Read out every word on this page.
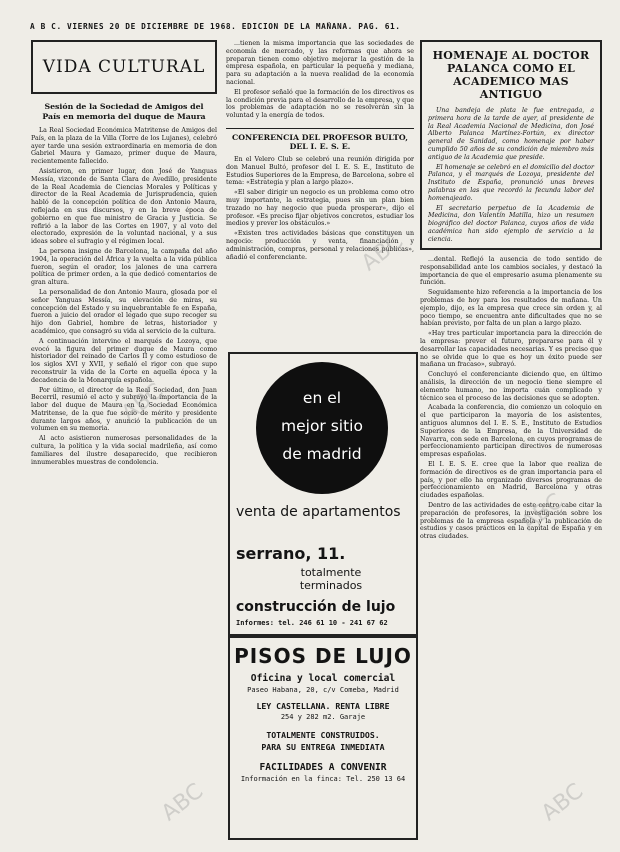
A B C. VIERNES 20 DE DICIEMBRE DE 1968. EDICION DE LA MAÑANA. PAG. 61.
VIDA CULTURAL
Sesión de la Sociedad de Amigos del País en memoria del duque de Maura

La Real Sociedad Económica Matritense de Amigos del País, en la plaza de la Villa (Torre de los Lujanes), celebró ayer tarde una sesión extraordinaria en memoria de don Gabriel Maura y Gamazo, primer duque de Maura, recientemente fallecido.

Asistieron, en primer lugar, don José de Yanguas Messía, vizconde de Santa Clara de Avedillo, presidente de la Real Academia de Ciencias Morales y Políticas y director de la Real Academia de Jurisprudencia, quien habló de la concepción política de don Antonio Maura, reflejada en sus discursos, y en la breve época de gobierno en que fue ministro de Gracia y Justicia. Se refirió a la labor de las Cortes en 1907, y al voto del electorado, expresión de la voluntad nacional, y a sus ideas sobre el sufragio y el régimen local.

La persona insigne de Barcelona, la campaña del año 1904, la operación del África y la vuelta a la vida pública fueron, según el orador, los jalones de una carrera política de primer orden, a la que dedicó comentarios de gran altura.

La personalidad de don Antonio Maura, glosada por el señor Yanguas Messía, su elevación de miras, su concepción del Estado y su inquebrantable fe en España, fueron a juicio del orador el legado que supo recoger su hijo don Gabriel, hombre de letras, historiador y académico, que consagró su vida al servicio de la cultura.

A continuación intervino el marqués de Lozoya, que evocó la figura del primer duque de Maura como historiador del reinado de Carlos II y como estudioso de los siglos XVI y XVII, y señaló el rigor con que supo reconstruir la vida de la Corte en aquella época y la decadencia de la Monarquía española.

Por último, el director de la Real Sociedad, don Juan Becerril, resumió el acto y subrayó la importancia de la labor del duque de Maura en la Sociedad Económica Matritense, de la que fue socio de mérito y presidente durante largos años, y anunció la publicación de un volumen en su memoria.

Al acto asistieron numerosas personalidades de la cultura, la política y la vida social madrileña, así como familiares del ilustre desaparecido, que recibieron innumerables muestras de condolencia.

...tienen la misma importancia que las sociedades de economía de mercado, y las reformas que ahora se preparan tienen como objetivo mejorar la gestión de la empresa española, en particular la pequeña y mediana, para su adaptación a la nueva realidad de la economía nacional.

El profesor señaló que la formación de los directivos es la condición previa para el desarrollo de la empresa, y que los problemas de adaptación no se resolverán sin la voluntad y la energía de todos.

CONFERENCIA DEL PROFESOR BULTO, DEL I. E. S. E.

En el Velero Club se celebró una reunión dirigida por don Manuel Bultó, profesor del I. E. S. E., Instituto de Estudios Superiores de la Empresa, de Barcelona, sobre el tema: «Estrategia y plan a largo plazo».

«El saber dirigir un negocio es un problema como otro muy importante, la estrategia, pues sin un plan bien trazado no hay negocio que pueda prosperar», dijo el profesor. «Es preciso fijar objetivos concretos, estudiar los medios y prever los obstáculos.»

«Existen tres actividades básicas que constituyen un negocio: producción y venta, financiación y administración, compras, personal y relaciones públicas», añadió el conferenciante.

en el
mejor sitio
de madrid
venta de apartamentos
serrano, 11.
totalmente terminados
construcción de lujo
Informes: tel. 246 61 10 - 241 67 62
PISOS DE LUJO
Oficina y local comercial
Paseo Habana, 20, c/v Comeba, Madrid
LEY CASTELLANA. RENTA LIBRE
254 y 282 m2. Garaje
TOTALMENTE CONSTRUIDOS.
PARA SU ENTREGA INMEDIATA
FACILIDADES A CONVENIR
Información en la finca: Tel. 250 13 64
HOMENAJE AL DOCTOR PALANCA COMO EL ACADEMICO MAS ANTIGUO

Una bandeja de plata le fue entregada, a primera hora de la tarde de ayer, al presidente de la Real Academia Nacional de Medicina, don José Alberto Palanca Martínez-Fortún, ex director general de Sanidad, como homenaje por haber cumplido 50 años de su condición de miembro más antiguo de la Academia que preside.

El homenaje se celebró en el domicilio del doctor Palanca, y el marqués de Lozoya, presidente del Instituto de España, pronunció unas breves palabras en las que recordó la fecunda labor del homenajeado.

El secretario perpetuo de la Academia de Medicina, don Valentín Matilla, hizo un resumen biográfico del doctor Palanca, cuyos años de vida académica han sido ejemplo de servicio a la ciencia.

...dental. Reflejó la ausencia de todo sentido de responsabilidad ante los cambios sociales, y destacó la importancia de que el empresario asuma plenamente su función.

Seguidamente hizo referencia a la importancia de los problemas de hoy para los resultados de mañana. Un ejemplo, dijo, es la empresa que crece sin orden y, al poco tiempo, se encuentra ante dificultades que no se habían previsto, por falta de un plan a largo plazo.

«Hay tres particular importancia para la dirección de la empresa: prever el futuro, prepararse para él y desarrollar las capacidades necesarias. Y es preciso que no se olvide que lo que es hoy un éxito puede ser mañana un fracaso», subrayó.

Concluyó el conferenciante diciendo que, en último análisis, la dirección de un negocio tiene siempre el elemento humano, no importa cuán complicado y técnico sea el proceso de las decisiones que se adopten.

Acabada la conferencia, dio comienzo un coloquio en el que participaron la mayoría de los asistentes, antiguos alumnos del I. E. S. E., Instituto de Estudios Superiores de la Empresa, de la Universidad de Navarra, con sede en Barcelona, en cuyos programas de perfeccionamiento participan directivos de numerosas empresas españolas.

El I. E. S. E. cree que la labor que realiza de formación de directivos es de gran importancia para el país, y por ello ha organizado diversos programas de perfeccionamiento en Madrid, Barcelona y otras ciudades españolas.

Dentro de las actividades de este centro cabe citar la preparación de profesores, la investigación sobre los problemas de la empresa española y la publicación de estudios y casos prácticos en la capital de España y en otras ciudades.

ABC
ABC
ABC	ABC
ABC
